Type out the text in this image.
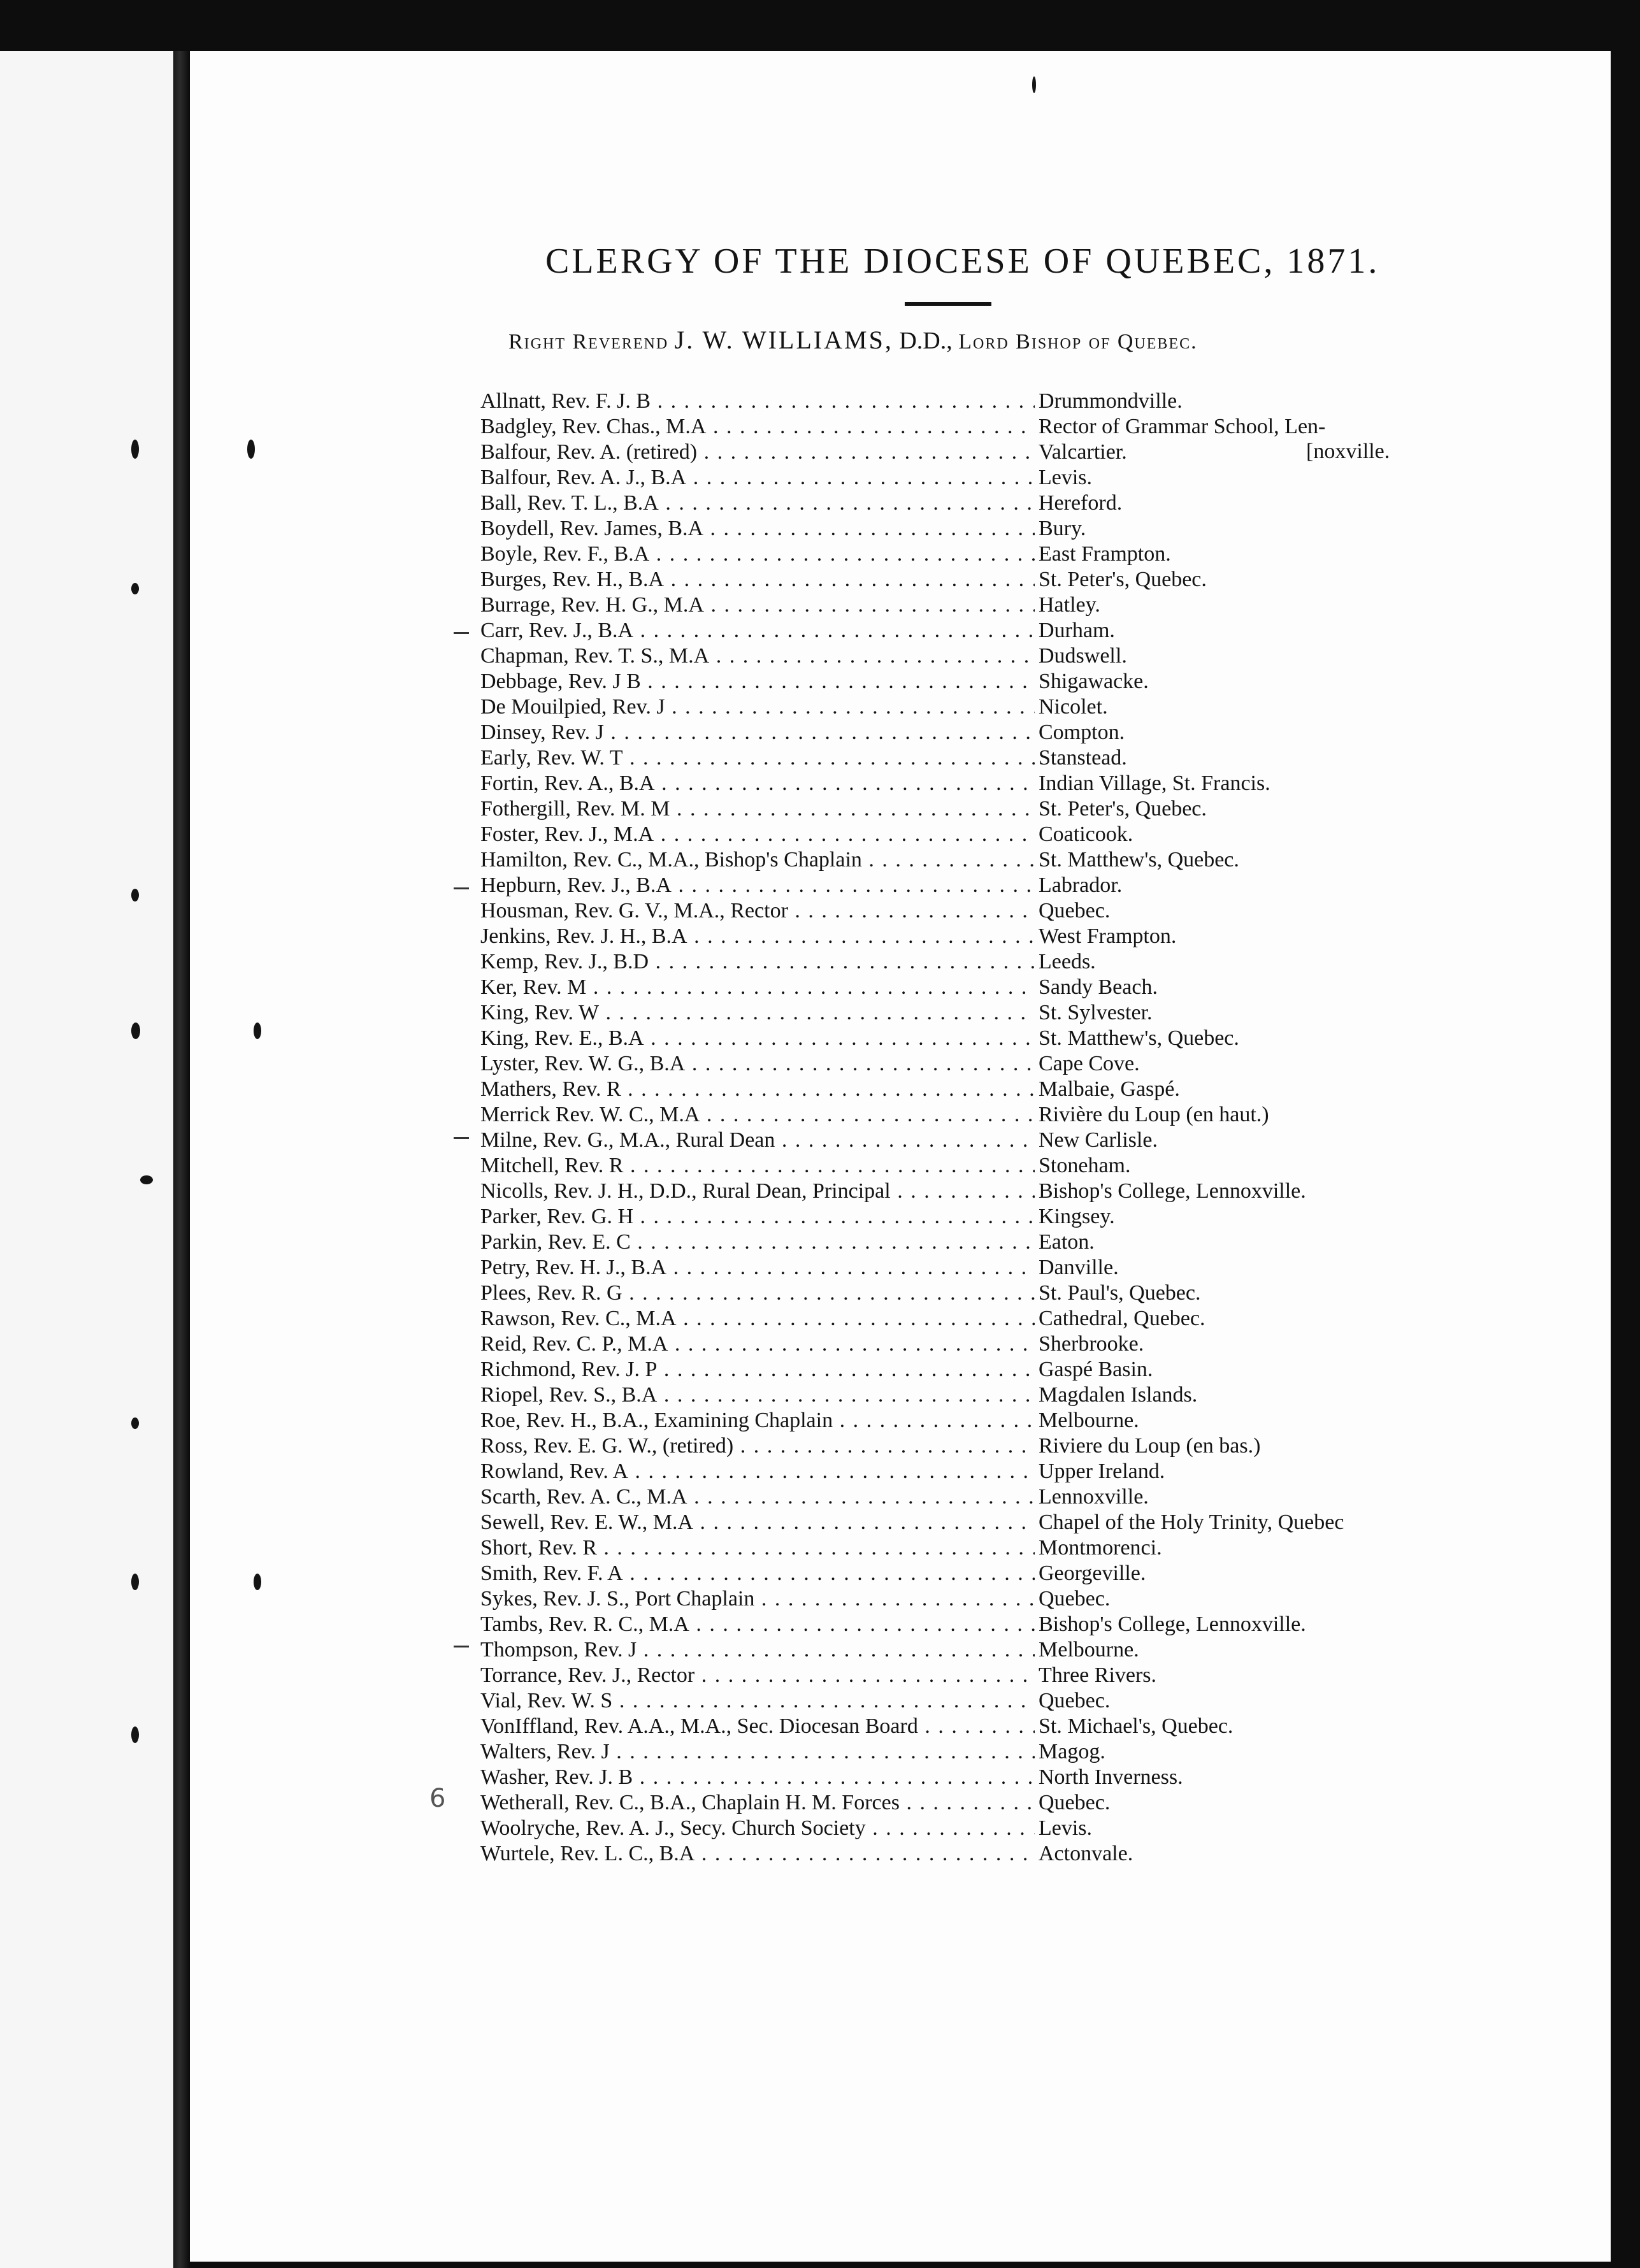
CLERGY OF THE DIOCESE OF QUEBEC, 1871.
Right Reverend J. W. WILLIAMS, D.D., Lord Bishop of Quebec.
Allnatt, Rev. F. J. B . . .	Drummondville.
Badgley, Rev. Chas., M.A . . .	Rector of Grammar School, Len-
Balfour, Rev. A. (retired) . . .	Valcartier.
Balfour, Rev. A. J., B.A . . .	Levis.
Ball, Rev. T. L., B.A . . .	Hereford.
Boydell, Rev. James, B.A . . .	Bury.
Boyle, Rev. F., B.A . . .	East Frampton.
Burges, Rev. H., B.A . . .	St. Peter's, Quebec.
Burrage, Rev. H. G., M.A . . .	Hatley.
Carr, Rev. J., B.A . . .	Durham.
Chapman, Rev. T. S., M.A . . .	Dudswell.
Debbage, Rev. J B . . .	Shigawacke.
De Mouilpied, Rev. J . . .	Nicolet.
Dinsey, Rev. J . . .	Compton.
Early, Rev. W. T . . .	Stanstead.
Fortin, Rev. A., B.A . . .	Indian Village, St. Francis.
Fothergill, Rev. M. M . . .	St. Peter's, Quebec.
Foster, Rev. J., M.A . . .	Coaticook.
Hamilton, Rev. C., M.A., Bishop's Chaplain . . .	St. Matthew's, Quebec.
Hepburn, Rev. J., B.A . . .	Labrador.
Housman, Rev. G. V., M.A., Rector . . .	Quebec.
Jenkins, Rev. J. H., B.A . . .	West Frampton.
Kemp, Rev. J., B.D . . .	Leeds.
Ker, Rev. M . . .	Sandy Beach.
King, Rev. W . . .	St. Sylvester.
King, Rev. E., B.A . . .	St. Matthew's, Quebec.
Lyster, Rev. W. G., B.A . . .	Cape Cove.
Mathers, Rev. R . . .	Malbaie, Gaspé.
Merrick Rev. W. C., M.A . . .	Rivière du Loup (en haut.)
Milne, Rev. G., M.A., Rural Dean . . .	New Carlisle.
Mitchell, Rev. R . . .	Stoneham.
Nicolls, Rev. J. H., D.D., Rural Dean, Principal . . .	Bishop's College, Lennoxville.
Parker, Rev. G. H . . .	Kingsey.
Parkin, Rev. E. C . . .	Eaton.
Petry, Rev. H. J., B.A . . .	Danville.
Plees, Rev. R. G . . .	St. Paul's, Quebec.
Rawson, Rev. C., M.A . . .	Cathedral, Quebec.
Reid, Rev. C. P., M.A . . .	Sherbrooke.
Richmond, Rev. J. P . . .	Gaspé Basin.
Riopel, Rev. S., B.A . . .	Magdalen Islands.
Roe, Rev. H., B.A., Examining Chaplain . . .	Melbourne.
Ross, Rev. E. G. W., (retired) . . .	Riviere du Loup (en bas.)
Rowland, Rev. A . . .	Upper Ireland.
Scarth, Rev. A. C., M.A . . .	Lennoxville.
Sewell, Rev. E. W., M.A . . .	Chapel of the Holy Trinity, Quebec
Short, Rev. R . . .	Montmorenci.
Smith, Rev. F. A . . .	Georgeville.
Sykes, Rev. J. S., Port Chaplain . . .	Quebec.
Tambs, Rev. R. C., M.A . . .	Bishop's College, Lennoxville.
Thompson, Rev. J . . .	Melbourne.
Torrance, Rev. J., Rector . . .	Three Rivers.
Vial, Rev. W. S . . .	Quebec.
VonIffland, Rev. A.A., M.A., Sec. Diocesan Board . . .	St. Michael's, Quebec.
Walters, Rev. J . . .	Magog.
Washer, Rev. J. B . . .	North Inverness.
Wetherall, Rev. C., B.A., Chaplain H. M. Forces . . .	Quebec.
Woolryche, Rev. A. J., Secy. Church Society . . .	Levis.
Wurtele, Rev. L. C., B.A . . .	Actonvale.
[noxville.
6
